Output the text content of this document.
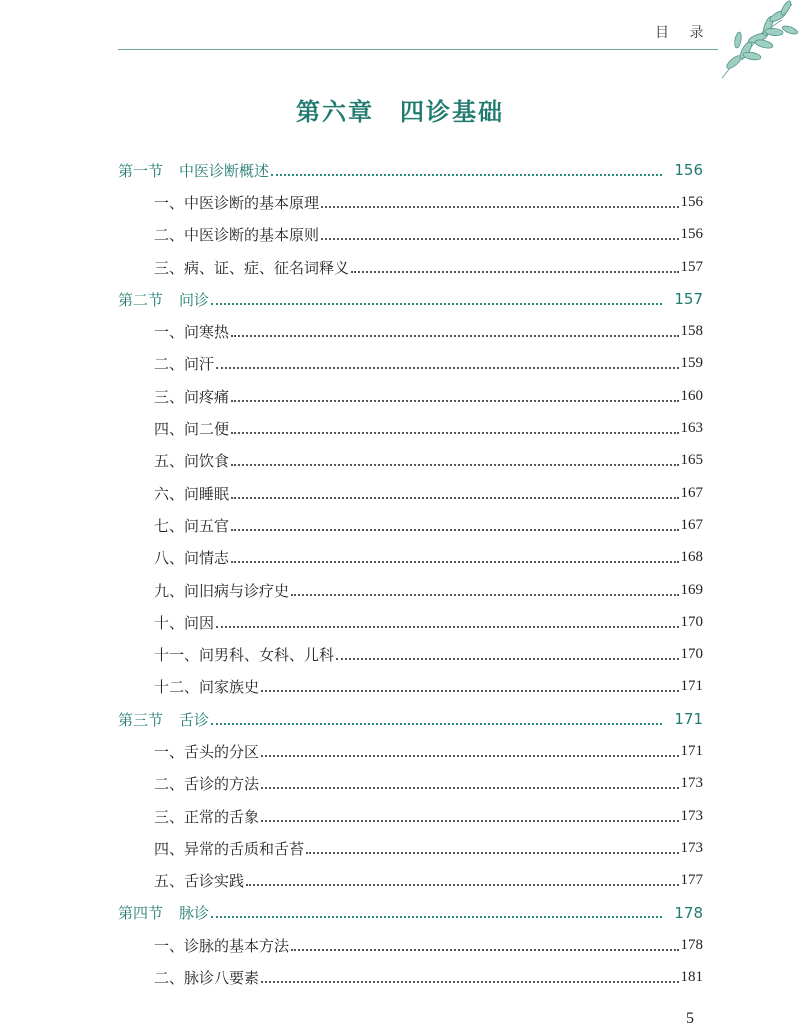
目 录
第六章　四诊基础
第一节 中医诊断概述	156
一、中医诊断的基本原理	156
二、中医诊断的基本原则	156
三、病、证、症、征名词释义	157
第二节 问诊	157
一、问寒热	158
二、问汗	159
三、问疼痛	160
四、问二便	163
五、问饮食	165
六、问睡眠	167
七、问五官	167
八、问情志	168
九、问旧病与诊疗史	169
十、问因	170
十一、问男科、女科、儿科	170
十二、问家族史	171
第三节 舌诊	171
一、舌头的分区	171
二、舌诊的方法	173
三、正常的舌象	173
四、异常的舌质和舌苔	173
五、舌诊实践	177
第四节 脉诊	178
一、诊脉的基本方法	178
二、脉诊八要素	181
5
